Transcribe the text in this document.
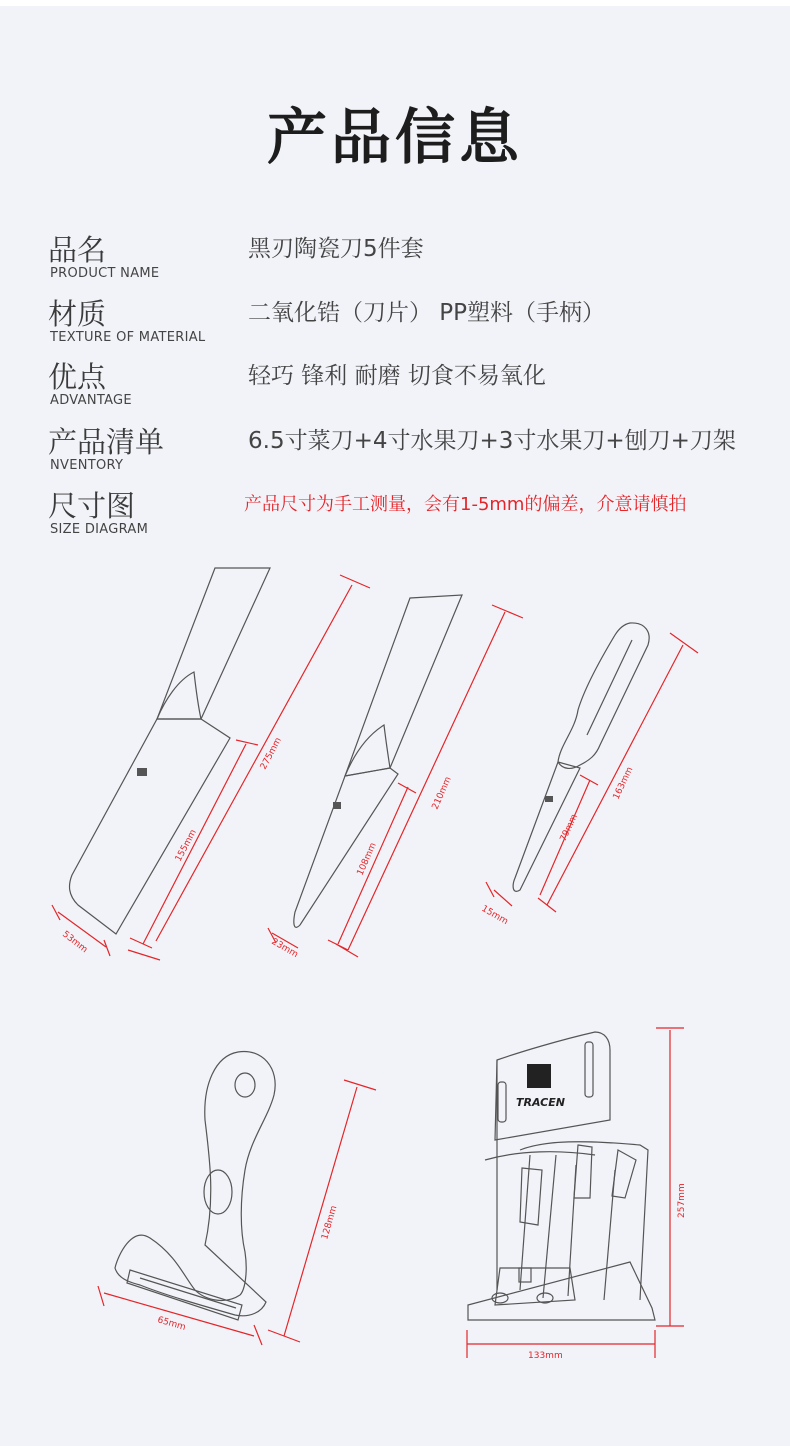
产品信息
品名
PRODUCT NAME
黑刃陶瓷刀5件套
材质
TEXTURE OF MATERIAL
二氧化锆（刀片） PP塑料（手柄）
优点
ADVANTAGE
轻巧 锋利 耐磨 切食不易氧化
产品清单
NVENTORY
6.5寸菜刀+4寸水果刀+3寸水果刀+刨刀+刀架
尺寸图
SIZE DIAGRAM
产品尺寸为手工测量，会有1-5mm的偏差，介意请慎拍
275mm
155mm
53mm
210mm
108mm
23mm
163mm
79mm
15mm
128mm
65mm
TRACEN
257mm
133mm
